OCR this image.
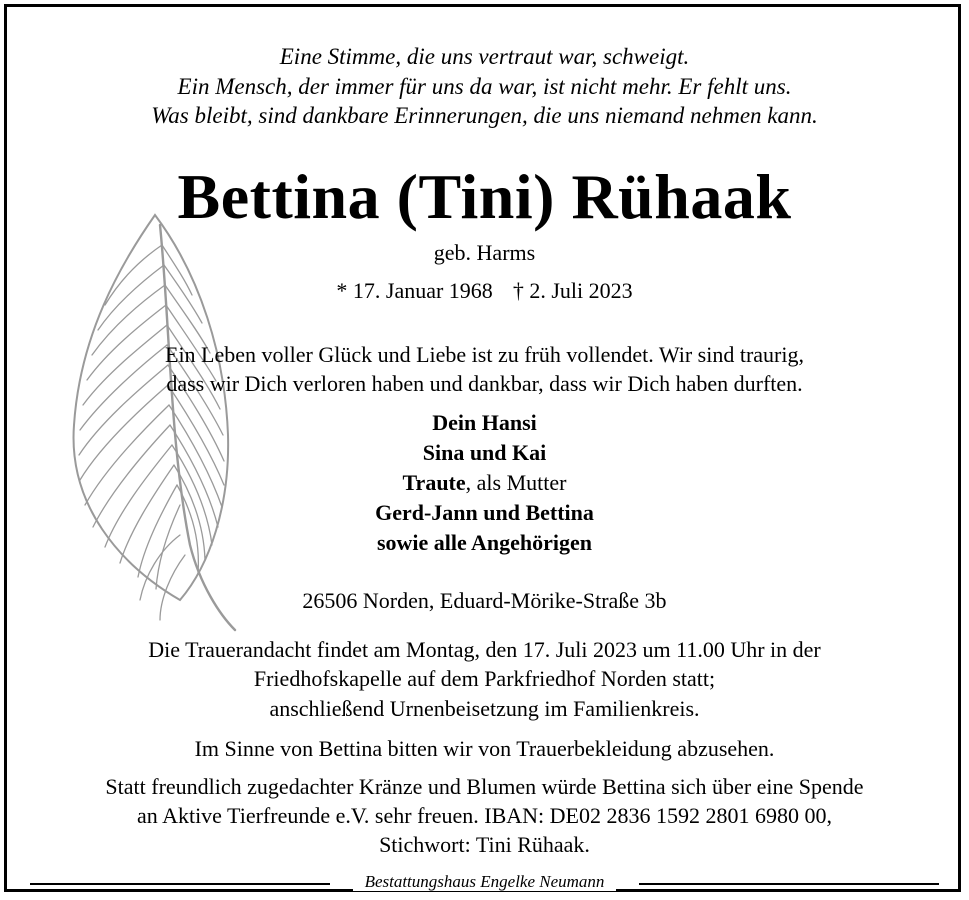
Eine Stimme, die uns vertraut war, schweigt.
Ein Mensch, der immer für uns da war, ist nicht mehr. Er fehlt uns.
Was bleibt, sind dankbare Erinnerungen, die uns niemand nehmen kann.
Bettina (Tini) Rühaak
geb. Harms
* 17. Januar 1968 † 2. Juli 2023
Ein Leben voller Glück und Liebe ist zu früh vollendet. Wir sind traurig,
dass wir Dich verloren haben und dankbar, dass wir Dich haben durften.
Dein Hansi
Sina und Kai
Traute, als Mutter
Gerd-Jann und Bettina
sowie alle Angehörigen
26506 Norden, Eduard-Mörike-Straße 3b
Die Trauerandacht findet am Montag, den 17. Juli 2023 um 11.00 Uhr in der
Friedhofskapelle auf dem Parkfriedhof Norden statt;
anschließend Urnenbeisetzung im Familienkreis.
Im Sinne von Bettina bitten wir von Trauerbekleidung abzusehen.
Statt freundlich zugedachter Kränze und Blumen würde Bettina sich über eine Spende
an Aktive Tierfreunde e.V. sehr freuen. IBAN: DE02 2836 1592 2801 6980 00,
Stichwort: Tini Rühaak.
Bestattungshaus Engelke Neumann
